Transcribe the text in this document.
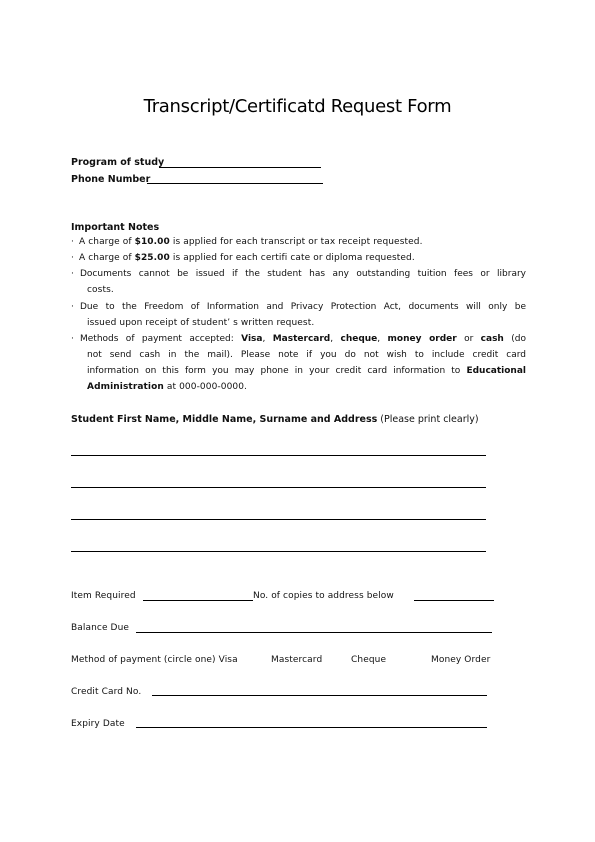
Transcript/Certificatd Request Form
Program of study
Phone Number
Important Notes
· A charge of $10.00 is applied for each transcript or tax receipt requested.
· A charge of $25.00 is applied for each certifi cate or diploma requested.
· Documents cannot be issued if the student has any outstanding tuition fees or library
costs.
· Due to the Freedom of Information and Privacy Protection Act, documents will only be
issued upon receipt of student’ s written request.
· Methods of payment accepted: Visa, Mastercard, cheque, money order or cash (do
not send cash in the mail). Please note if you do not wish to include credit card
information on this form you may phone in your credit card information to Educational
Administration at 000-000-0000.
Student First Name, Middle Name, Surname and Address (Please print clearly)
Item Required	No. of copies to address below
Balance Due
Method of payment (circle one) Visa	Mastercard	Cheque	Money Order
Credit Card No.
Expiry Date
